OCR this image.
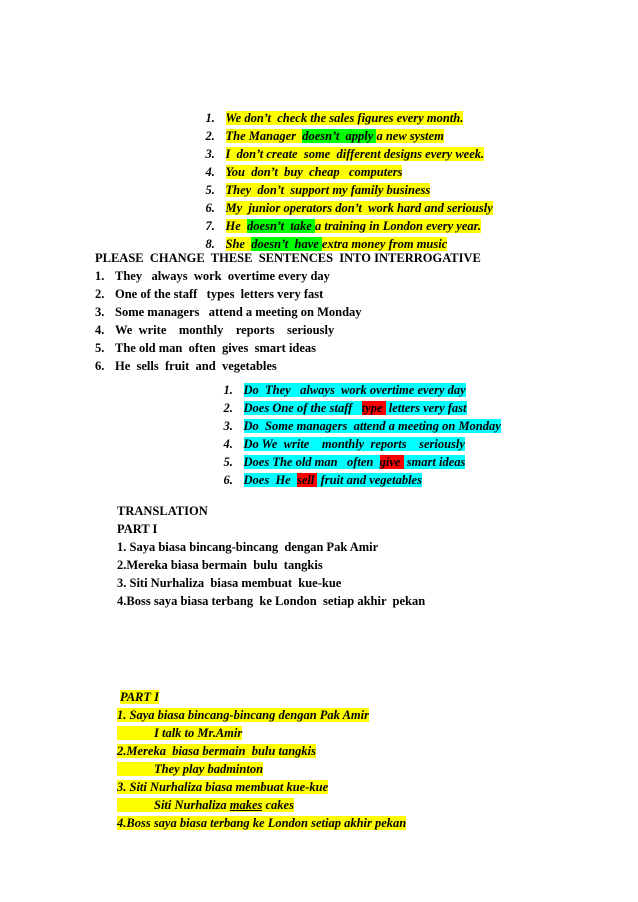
1. We don’t  check the sales figures every month.

2. The Manager  doesn’t  apply a new system

3. I  don’t create  some  different designs every week.

4. You  don’t  buy  cheap   computers

5. They  don’t  support my family business

6. My  junior operators don’t  work hard and seriously

7. He  doesn’t  take a training in London every year.

8. She  doesn’t  have extra money from music

PLEASE  CHANGE  THESE  SENTENCES  INTO INTERROGATIVE
1. They   always  work  overtime every day
2. One of the staff   types  letters very fast
3. Some managers   attend a meeting on Monday
4. We  write    monthly    reports    seriously
5. The old man  often  gives  smart ideas
6. He  sells  fruit  and  vegetables

1. Do  They   always  work overtime every day

2. Does One of the staff   type  letters very fast

3. Do  Some managers  attend a meeting on Monday

4. Do We  write    monthly  reports    seriously

5. Does The old man   often  give  smart ideas

6. Does  He  sell  fruit and vegetables

TRANSLATION
PART I
1. Saya biasa bincang-bincang  dengan Pak Amir
2.Mereka biasa bermain  bulu  tangkis
3. Siti Nurhaliza  biasa membuat  kue-kue
4.Boss saya biasa terbang  ke London  setiap akhir  pekan
PART I
1. Saya biasa bincang-bincang dengan Pak Amir
I talk to Mr.Amir
2.Mereka  biasa bermain  bulu tangkis
They play badminton
3. Siti Nurhaliza biasa membuat kue-kue
Siti Nurhaliza makes cakes
4.Boss saya biasa terbang ke London setiap akhir pekan
